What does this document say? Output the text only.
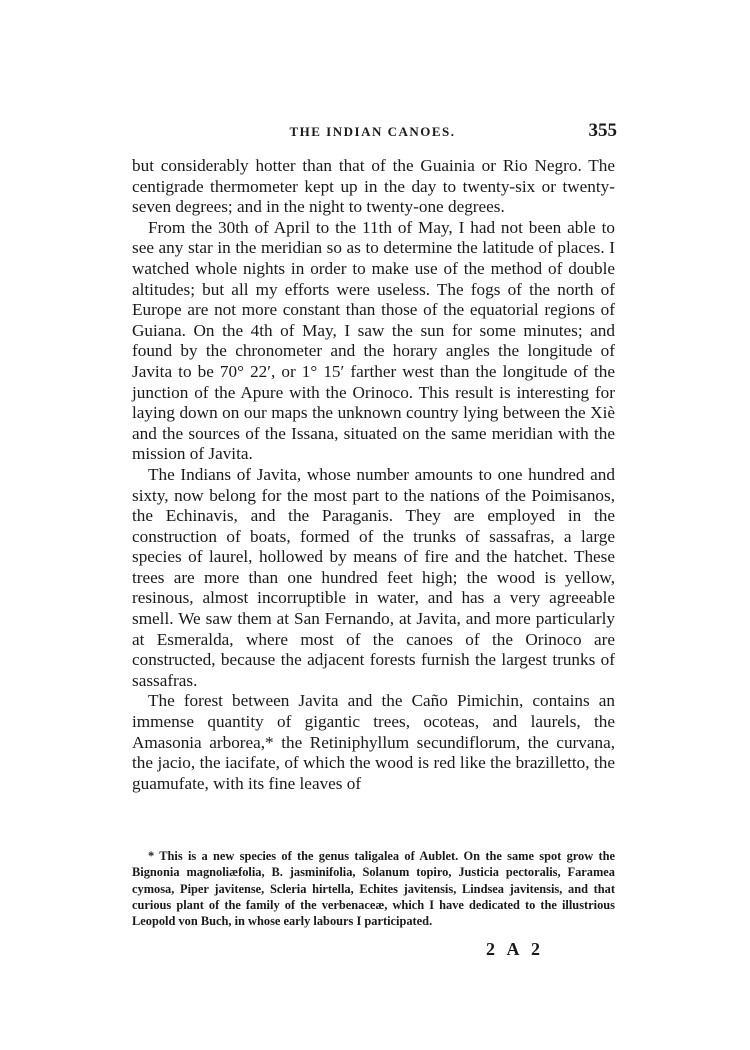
THE INDIAN CANOES.	355

but considerably hotter than that of the Guainia or Rio Negro. The centigrade thermometer kept up in the day to twenty-six or twenty-seven degrees; and in the night to twenty-one degrees.

From the 30th of April to the 11th of May, I had not been able to see any star in the meridian so as to determine the latitude of places. I watched whole nights in order to make use of the method of double altitudes; but all my efforts were useless. The fogs of the north of Europe are not more constant than those of the equatorial regions of Guiana. On the 4th of May, I saw the sun for some minutes; and found by the chronometer and the horary angles the longitude of Javita to be 70° 22′, or 1° 15′ farther west than the longitude of the junction of the Apure with the Orinoco. This result is interesting for laying down on our maps the unknown country lying between the Xiè and the sources of the Issana, situated on the same meridian with the mission of Javita.

The Indians of Javita, whose number amounts to one hundred and sixty, now belong for the most part to the nations of the Poimisanos, the Echinavis, and the Paraganis. They are employed in the construction of boats, formed of the trunks of sassafras, a large species of laurel, hollowed by means of fire and the hatchet. These trees are more than one hundred feet high; the wood is yellow, resinous, almost incorruptible in water, and has a very agreeable smell. We saw them at San Fernando, at Javita, and more particularly at Esmeralda, where most of the canoes of the Orinoco are constructed, because the adjacent forests furnish the largest trunks of sassafras.

The forest between Javita and the Caño Pimichin, contains an immense quantity of gigantic trees, ocoteas, and laurels, the Amasonia arborea,* the Retiniphyllum secundiflorum, the curvana, the jacio, the iacifate, of which the wood is red like the brazilletto, the guamufate, with its fine leaves of

* This is a new species of the genus taligalea of Aublet. On the same spot grow the Bignonia magnoliæfolia, B. jasminifolia, Solanum topiro, Justicia pectoralis, Faramea cymosa, Piper javitense, Scleria hirtella, Echites javitensis, Lindsea javitensis, and that curious plant of the family of the verbenaceæ, which I have dedicated to the illustrious Leopold von Buch, in whose early labours I participated.

2 A 2
